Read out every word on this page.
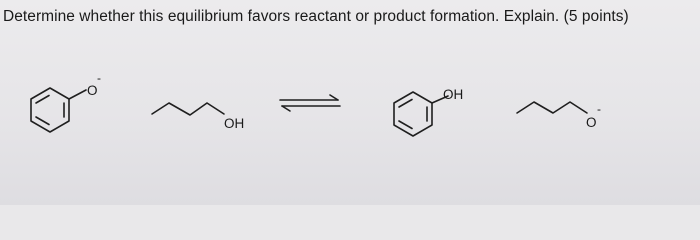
Determine whether this equilibrium favors reactant or product formation. Explain. (5 points)

O
-
OH
OH
O
-
